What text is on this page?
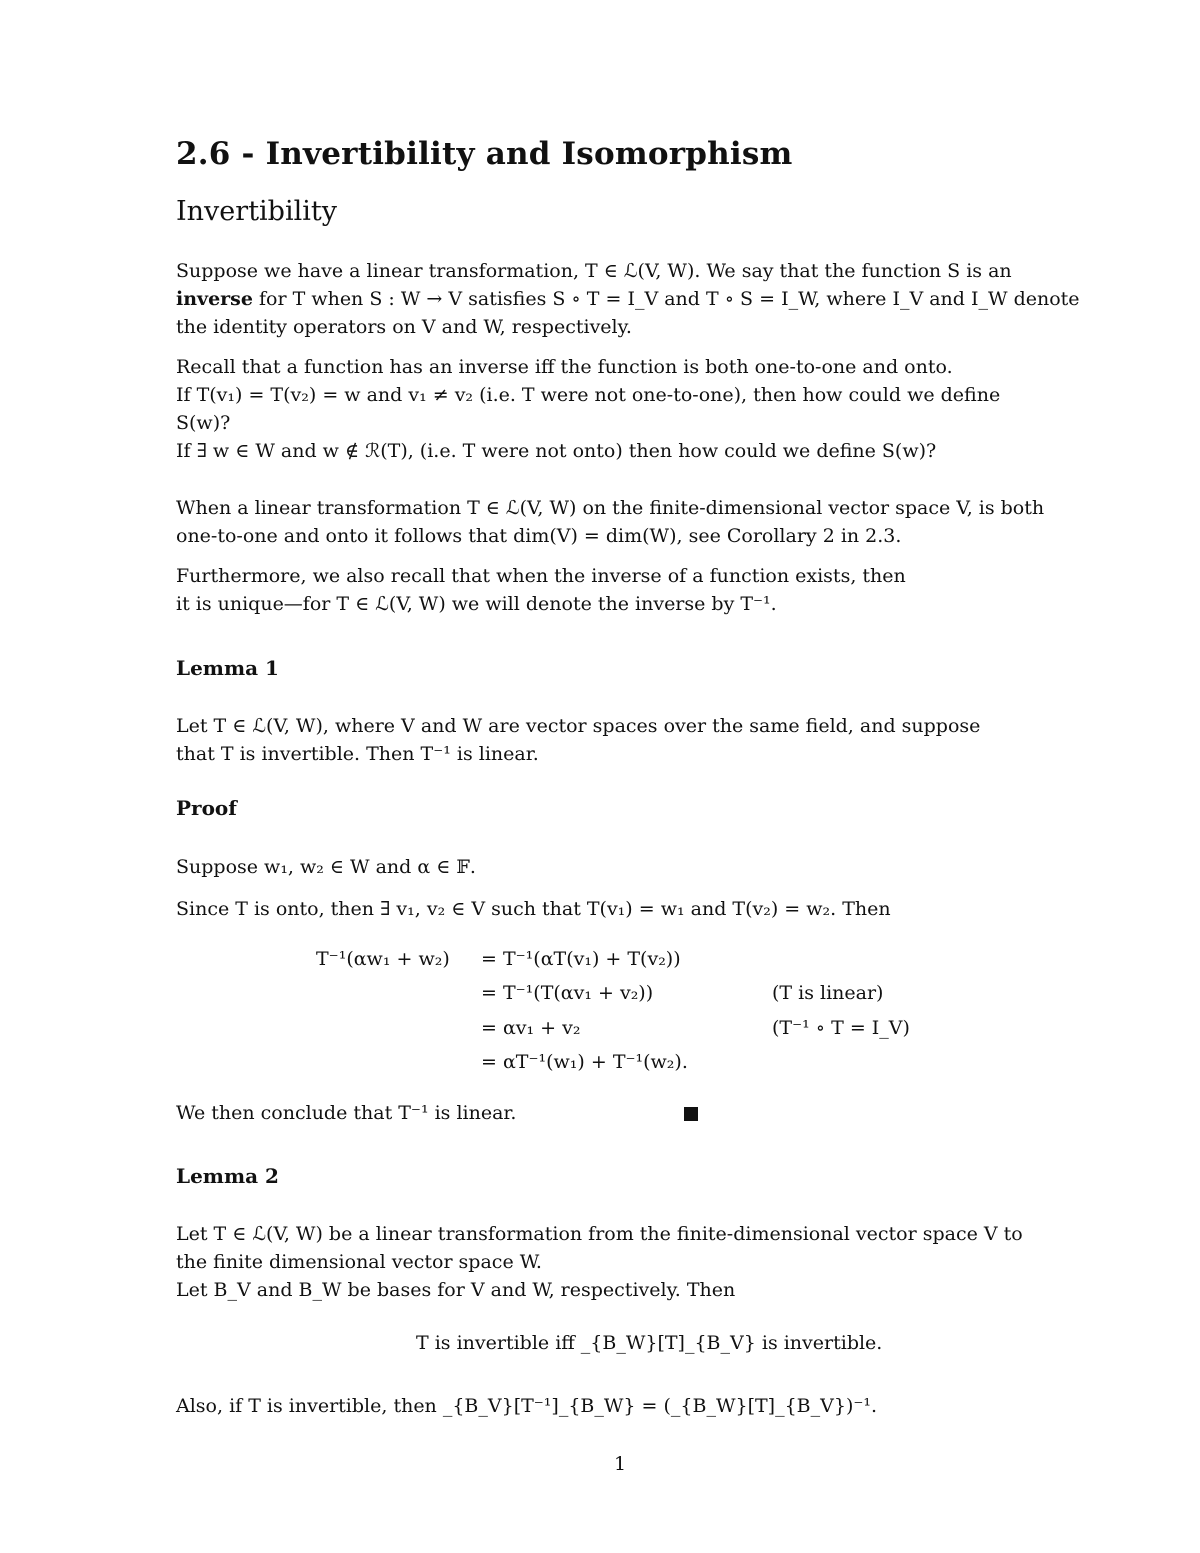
2.6 - Invertibility and Isomorphism
Invertibility
Suppose we have a linear transformation, T ∈ ℒ(V, W). We say that the function S is an
inverse for T when S : W → V satisfies S ∘ T = I_V and T ∘ S = I_W, where I_V and I_W denote
the identity operators on V and W, respectively.
Recall that a function has an inverse iff the function is both one-to-one and onto.
If T(v₁) = T(v₂) = w and v₁ ≠ v₂ (i.e. T were not one-to-one), then how could we define
S(w)?
If ∃ w ∈ W and w ∉ ℛ(T), (i.e. T were not onto) then how could we define S(w)?
When a linear transformation T ∈ ℒ(V, W) on the finite-dimensional vector space V, is both
one-to-one and onto it follows that dim(V) = dim(W), see Corollary 2 in 2.3.
Furthermore, we also recall that when the inverse of a function exists, then
it is unique—for T ∈ ℒ(V, W) we will denote the inverse by T⁻¹.
Lemma 1
Let T ∈ ℒ(V, W), where V and W are vector spaces over the same field, and suppose
that T is invertible. Then T⁻¹ is linear.
Proof
Suppose w₁, w₂ ∈ W and α ∈ 𝔽.
Since T is onto, then ∃ v₁, v₂ ∈ V such that T(v₁) = w₁ and T(v₂) = w₂. Then
T⁻¹(αw₁ + w₂) = T⁻¹(αT(v₁) + T(v₂))
= T⁻¹(T(αv₁ + v₂))	(T is linear)
= αv₁ + v₂	(T⁻¹ ∘ T = I_V)
= αT⁻¹(w₁) + T⁻¹(w₂).
We then conclude that T⁻¹ is linear.
Lemma 2
Let T ∈ ℒ(V, W) be a linear transformation from the finite-dimensional vector space V to
the finite dimensional vector space W.
Let B_V and B_W be bases for V and W, respectively. Then
T is invertible iff _{B_W}[T]_{B_V} is invertible.
Also, if T is invertible, then _{B_V}[T⁻¹]_{B_W} = (_{B_W}[T]_{B_V})⁻¹.
1
